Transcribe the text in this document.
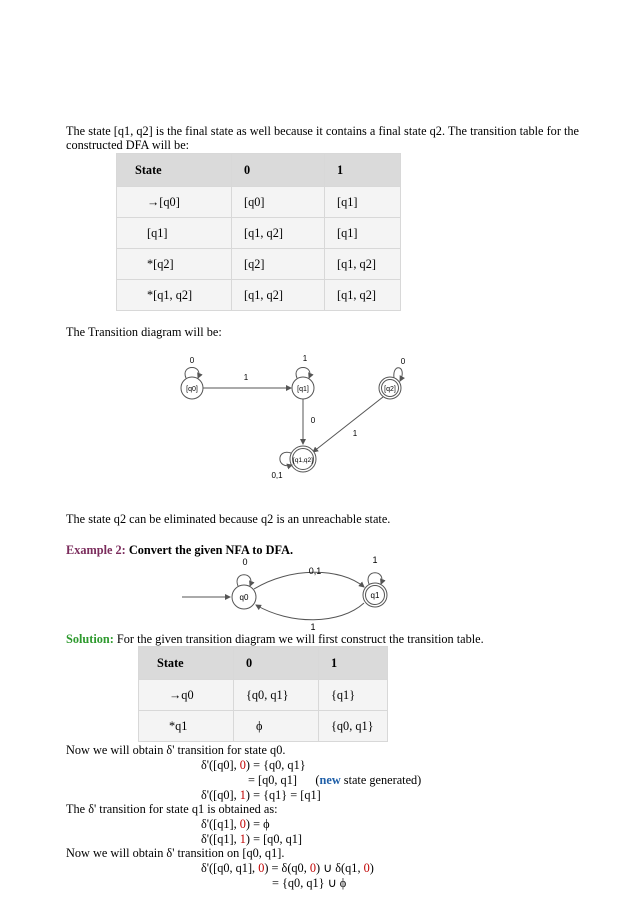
The state [q1, q2] is the final state as well because it contains a final state q2. The transition table for the constructed DFA will be:
State	0	1
→[q0]	[q0]	[q1]
[q1]	[q1, q2]	[q1]
*[q2]	[q2]	[q1, q2]
*[q1, q2]	[q1, q2]	[q1, q2]
The Transition diagram will be:
[q0]
0
1
[q1]
1
0
[q2]
0
1
[q1,q2]
0,1
The state q2 can be eliminated because q2 is an unreachable state.
Example 2: Convert the given NFA to DFA.
q0
0
0,1
q1
1
1
Solution: For the given transition diagram we will first construct the transition table.
State	0	1
→q0	{q0, q1}	{q1}
*q1	ϕ	{q0, q1}
Now we will obtain δ' transition for state q0.
δ'([q0], 0) = {q0, q1}
= [q0, q1] (new state generated)
δ'([q0], 1) = {q1} = [q1]
The δ' transition for state q1 is obtained as:
δ'([q1], 0) = ϕ
δ'([q1], 1) = [q0, q1]
Now we will obtain δ' transition on [q0, q1].
δ'([q0, q1], 0) = δ(q0, 0) ∪ δ(q1, 0)
= {q0, q1} ∪ ϕ
